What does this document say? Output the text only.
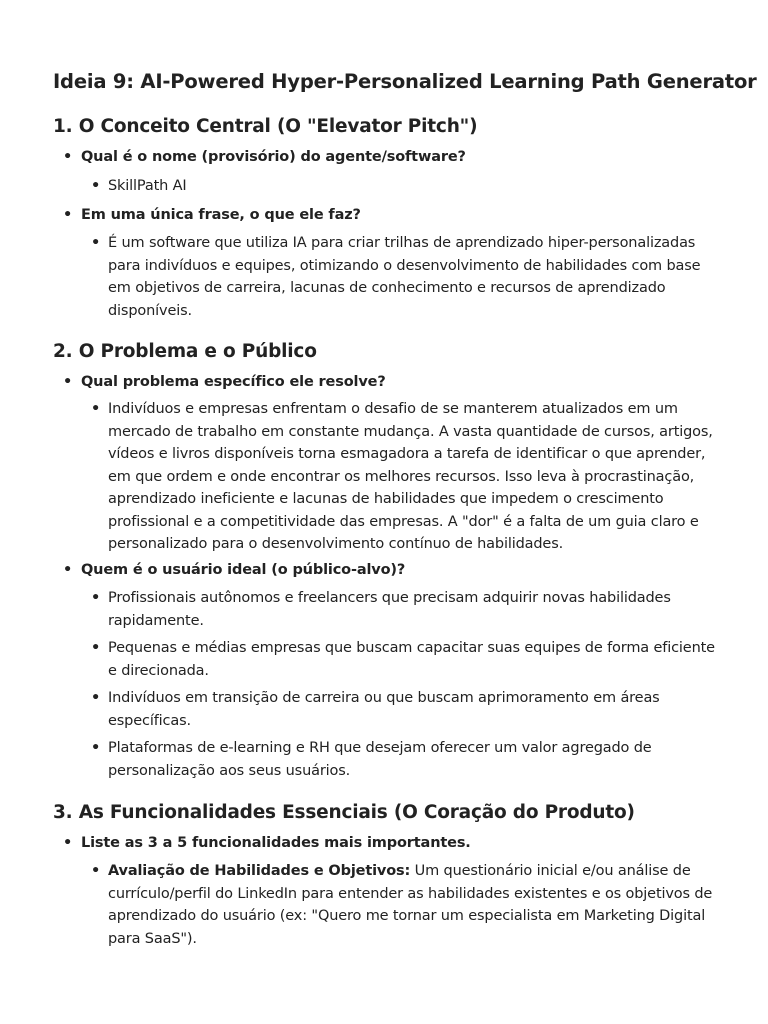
Ideia 9: AI-Powered Hyper-Personalized Learning Path Generator
1. O Conceito Central (O "Elevator Pitch")
• Qual é o nome (provisório) do agente/software?
• SkillPath AI
• Em uma única frase, o que ele faz?
• É um software que utiliza IA para criar trilhas de aprendizado hiper-personalizadas para indivíduos e equipes, otimizando o desenvolvimento de habilidades com base em objetivos de carreira, lacunas de conhecimento e recursos de aprendizado disponíveis.
2. O Problema e o Público
• Qual problema específico ele resolve?
• Indivíduos e empresas enfrentam o desafio de se manterem atualizados em um mercado de trabalho em constante mudança. A vasta quantidade de cursos, artigos, vídeos e livros disponíveis torna esmagadora a tarefa de identificar o que aprender, em que ordem e onde encontrar os melhores recursos. Isso leva à procrastinação, aprendizado ineficiente e lacunas de habilidades que impedem o crescimento profissional e a competitividade das empresas. A "dor" é a falta de um guia claro e personalizado para o desenvolvimento contínuo de habilidades.
• Quem é o usuário ideal (o público-alvo)?
• Profissionais autônomos e freelancers que precisam adquirir novas habilidades rapidamente.
• Pequenas e médias empresas que buscam capacitar suas equipes de forma eficiente e direcionada.
• Indivíduos em transição de carreira ou que buscam aprimoramento em áreas específicas.
• Plataformas de e-learning e RH que desejam oferecer um valor agregado de personalização aos seus usuários.
3. As Funcionalidades Essenciais (O Coração do Produto)
• Liste as 3 a 5 funcionalidades mais importantes.
• Avaliação de Habilidades e Objetivos: Um questionário inicial e/ou análise de currículo/perfil do LinkedIn para entender as habilidades existentes e os objetivos de aprendizado do usuário (ex: "Quero me tornar um especialista em Marketing Digital para SaaS").
